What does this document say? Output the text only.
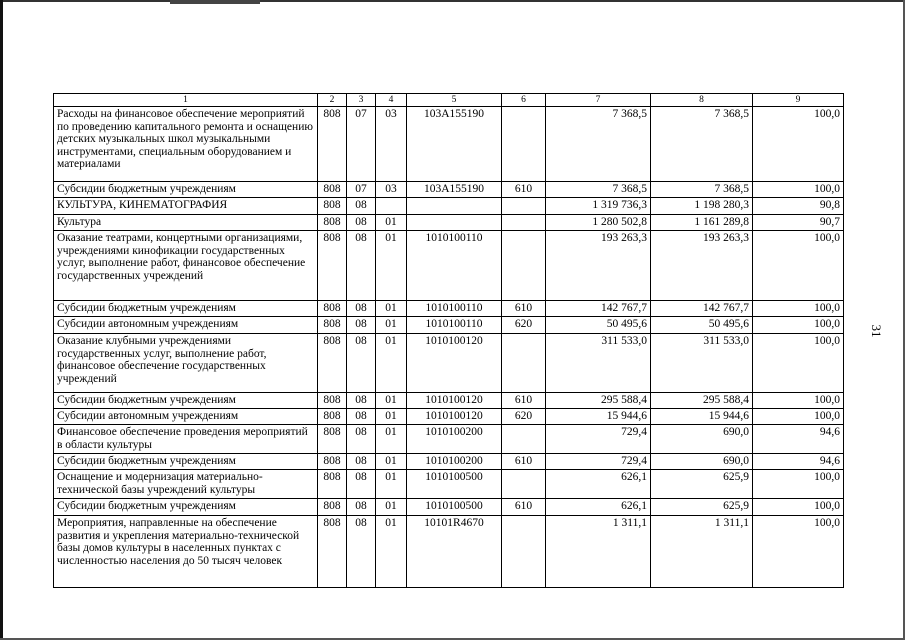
1	2	3	4	5	6	7	8	9
Расходы на финансовое обеспечение мероприятий по проведению капитального ремонта и оснащению детских музыкальных школ музыкальными инструментами, специальным оборудованием и материалами	808	07	03	103А155190		7 368,5	7 368,5	100,0
Субсидии бюджетным учреждениям	808	07	03	103А155190	610	7 368,5	7 368,5	100,0
КУЛЬТУРА, КИНЕМАТОГРАФИЯ	808	08				1 319 736,3	1 198 280,3	90,8
Культура	808	08	01			1 280 502,8	1 161 289,8	90,7
Оказание театрами, концертными организациями, учреждениями кинофикации государственных услуг, выполнение работ, финансовое обеспечение государственных учреждений	808	08	01	1010100110		193 263,3	193 263,3	100,0
Субсидии бюджетным учреждениям	808	08	01	1010100110	610	142 767,7	142 767,7	100,0
Субсидии автономным учреждениям	808	08	01	1010100110	620	50 495,6	50 495,6	100,0
Оказание клубными учреждениями государственных услуг, выполнение работ, финансовое обеспечение государственных учреждений	808	08	01	1010100120		311 533,0	311 533,0	100,0
Субсидии бюджетным учреждениям	808	08	01	1010100120	610	295 588,4	295 588,4	100,0
Субсидии автономным учреждениям	808	08	01	1010100120	620	15 944,6	15 944,6	100,0
Финансовое обеспечение проведения мероприятий в области культуры	808	08	01	1010100200		729,4	690,0	94,6
Субсидии бюджетным учреждениям	808	08	01	1010100200	610	729,4	690,0	94,6
Оснащение и модернизация материально-технической базы учреждений культуры	808	08	01	1010100500		626,1	625,9	100,0
Субсидии бюджетным учреждениям	808	08	01	1010100500	610	626,1	625,9	100,0
Мероприятия, направленные на обеспечение развития и укрепления материально-технической базы домов культуры в населенных пунктах с численностью населения до 50 тысяч человек	808	08	01	10101R4670		1 311,1	1 311,1	100,0
31
